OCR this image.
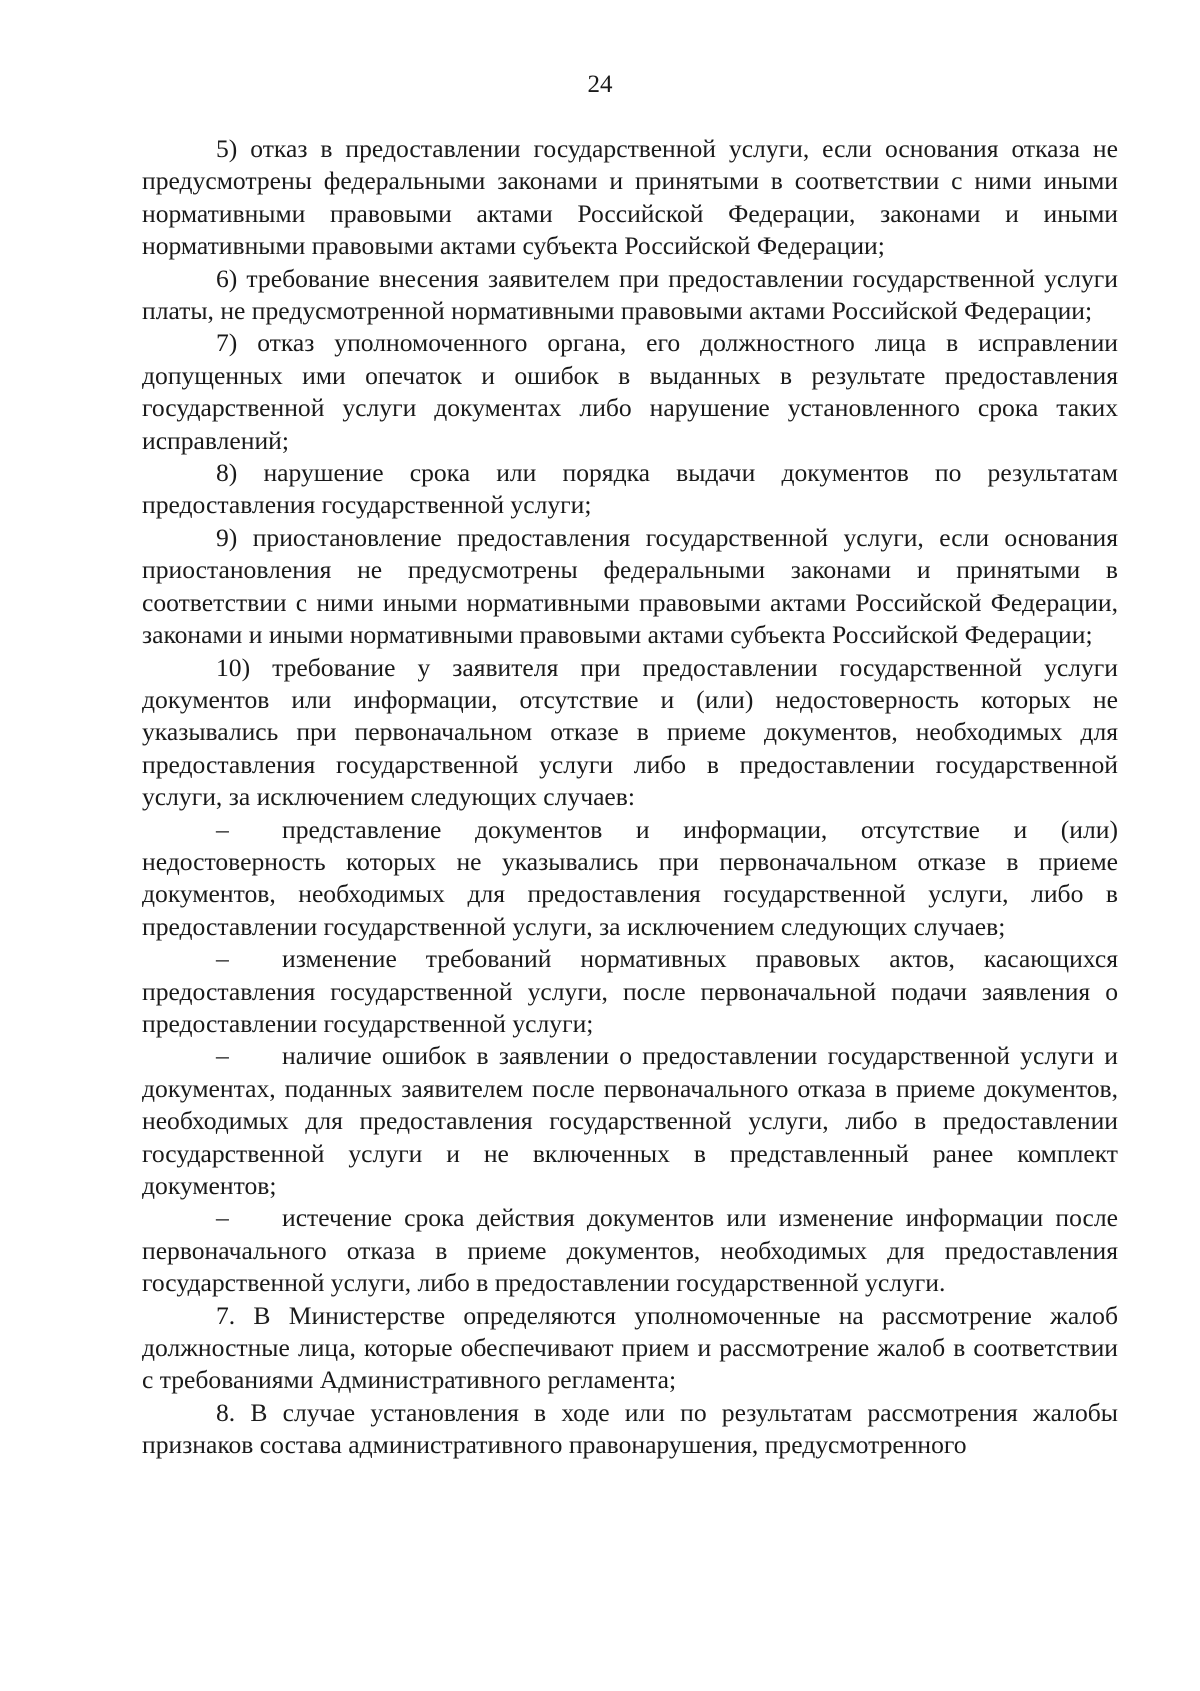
24

5) отказ в предоставлении государственной услуги, если основания отказа не предусмотрены федеральными законами и принятыми в соответствии с ними иными нормативными правовыми актами Российской Федерации, законами и иными нормативными правовыми актами субъекта Российской Федерации;

6) требование внесения заявителем при предоставлении государственной услуги платы, не предусмотренной нормативными правовыми актами Российской Федерации;

7) отказ уполномоченного органа, его должностного лица в исправлении допущенных ими опечаток и ошибок в выданных в результате предоставления государственной услуги документах либо нарушение установленного срока таких исправлений;

8) нарушение срока или порядка выдачи документов по результатам предоставления государственной услуги;

9) приостановление предоставления государственной услуги, если основания приостановления не предусмотрены федеральными законами и принятыми в соответствии с ними иными нормативными правовыми актами Российской Федерации, законами и иными нормативными правовыми актами субъекта Российской Федерации;

10) требование у заявителя при предоставлении государственной услуги документов или информации, отсутствие и (или) недостоверность которых не указывались при первоначальном отказе в приеме документов, необходимых для предоставления государственной услуги либо в предоставлении государственной услуги, за исключением следующих случаев:

– представление документов и информации, отсутствие и (или) недостоверность которых не указывались при первоначальном отказе в приеме документов, необходимых для предоставления государственной услуги, либо в предоставлении государственной услуги, за исключением следующих случаев;

– изменение требований нормативных правовых актов, касающихся предоставления государственной услуги, после первоначальной подачи заявления о предоставлении государственной услуги;

– наличие ошибок в заявлении о предоставлении государственной услуги и документах, поданных заявителем после первоначального отказа в приеме документов, необходимых для предоставления государственной услуги, либо в предоставлении государственной услуги и не включенных в представленный ранее комплект документов;

– истечение срока действия документов или изменение информации после первоначального отказа в приеме документов, необходимых для предоставления государственной услуги, либо в предоставлении государственной услуги.

7. В Министерстве определяются уполномоченные на рассмотрение жалоб должностные лица, которые обеспечивают прием и рассмотрение жалоб в соответствии с требованиями Административного регламента;

8. В случае установления в ходе или по результатам рассмотрения жалобы признаков состава административного правонарушения, предусмотренного
